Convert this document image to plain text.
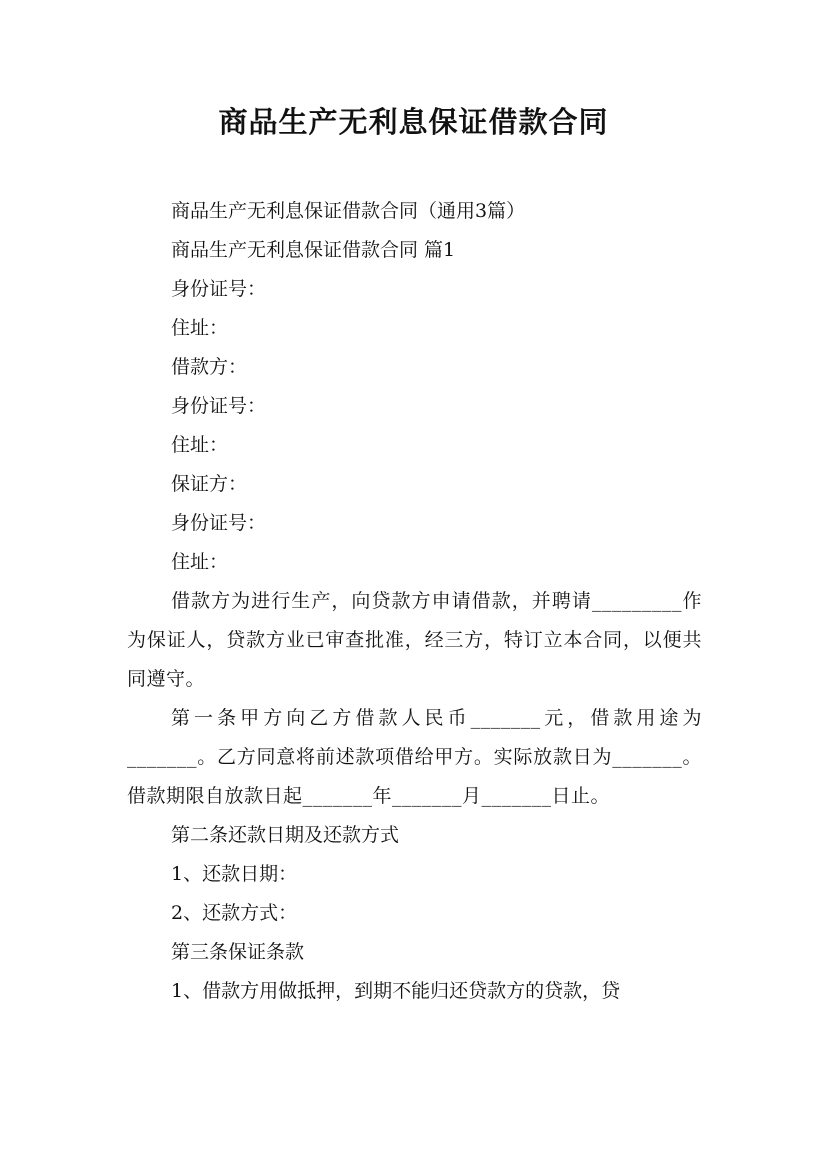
商品生产无利息保证借款合同

商品生产无利息保证借款合同（通用3篇）

商品生产无利息保证借款合同 篇1

身份证号：

住址：

借款方：

身份证号：

住址：

保证方：

身份证号：

住址：

借款方为进行生产，向贷款方申请借款，并聘请_________作为保证人，贷款方业已审查批准，经三方，特订立本合同，以便共同遵守。

第一条甲方向乙方借款人民币_______元，借款用途为_______。乙方同意将前述款项借给甲方。实际放款日为_______。借款期限自放款日起_______年_______月_______日止。

第二条还款日期及还款方式

1、还款日期：

2、还款方式：

第三条保证条款

1、借款方用做抵押，到期不能归还贷款方的贷款，贷
